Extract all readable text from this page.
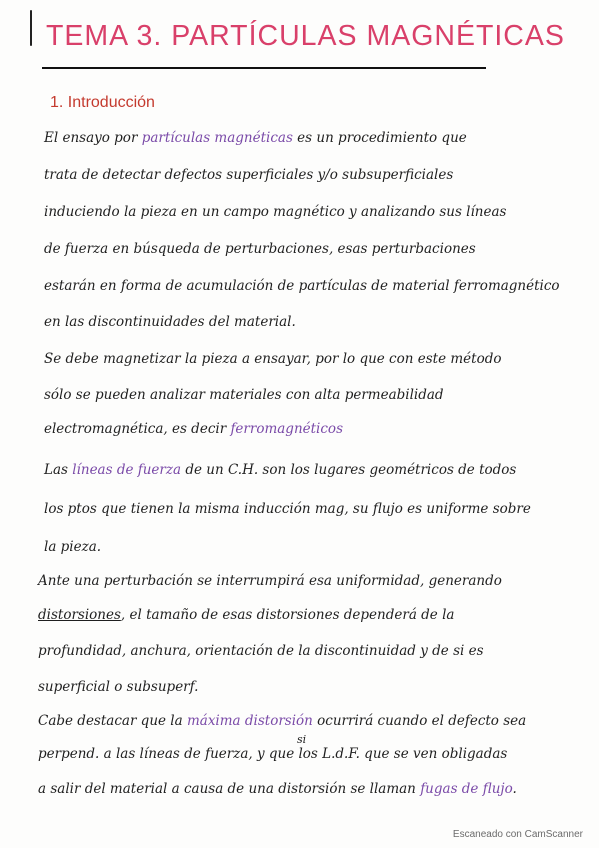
TEMA 3. PARTÍCULAS MAGNÉTICAS
1. Introducción
El ensayo por partículas magnéticas es un procedimiento que
trata de detectar defectos superficiales y/o subsuperficiales
induciendo la pieza en un campo magnético y analizando sus líneas
de fuerza en búsqueda de perturbaciones, esas perturbaciones
estarán en forma de acumulación de partículas de material ferromagnético
en las discontinuidades del material.
Se debe magnetizar la pieza a ensayar, por lo que con este método
sólo se pueden analizar materiales con alta permeabilidad
electromagnética, es decir ferromagnéticos
Las líneas de fuerza de un C.H. son los lugares geométricos de todos
los ptos que tienen la misma inducción mag, su flujo es uniforme sobre
la pieza.
Ante una perturbación se interrumpirá esa uniformidad, generando
distorsiones, el tamaño de esas distorsiones dependerá de la
profundidad, anchura, orientación de la discontinuidad y de si es
superficial o subsuperf.
Cabe destacar que la máxima distorsión ocurrirá cuando el defecto sea
si
perpend. a las líneas de fuerza, y que los L.d.F. que se ven obligadas
a salir del material a causa de una distorsión se llaman fugas de flujo.
Escaneado con CamScanner
